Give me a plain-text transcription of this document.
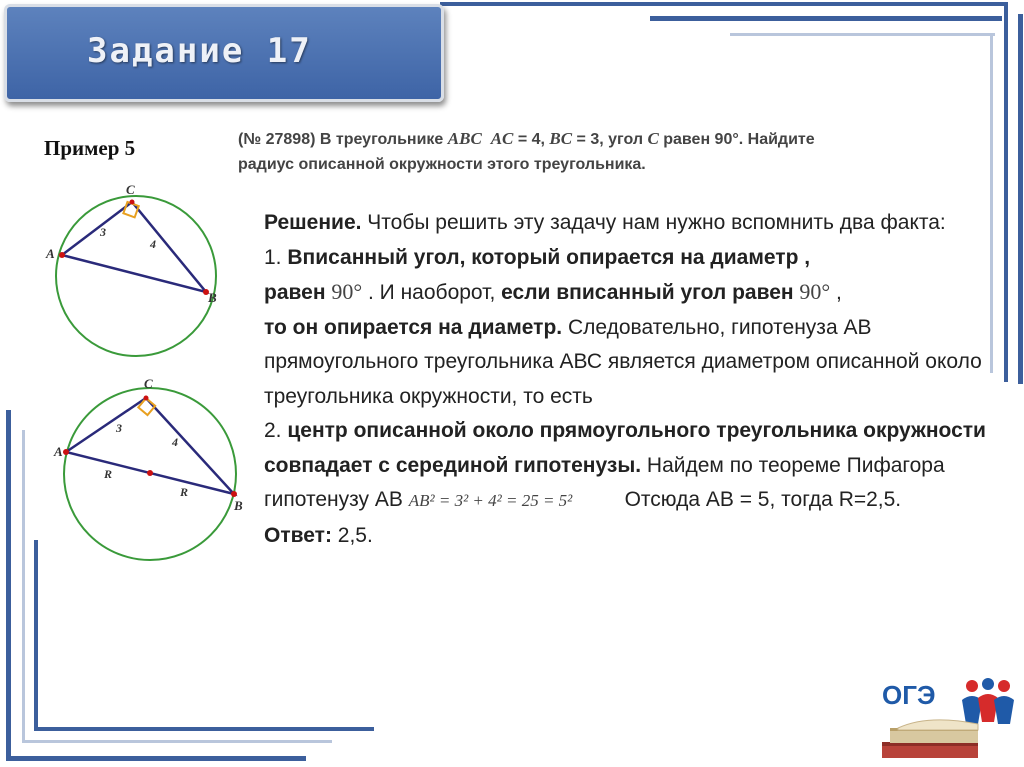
Задание 17
Пример 5	(№ 27898) В треугольнике ABC AC = 4, BC = 3, угол C равен 90°. Найдите
радиус описанной окружности этого треугольника.
A
C
B
3
4
A
C
B
3
4
R
R
Решение. Чтобы решить эту задачу нам нужно вспомнить два факта:
1. Вписанный угол, который опирается на диаметр ,
равен 90° . И наоборот, если вписанный угол равен 90° ,
то он опирается на диаметр. Следовательно, гипотенуза АВ прямоугольного треугольника АВС является диаметром описанной около треугольника окружности, то есть
2. центр описанной около прямоугольного треугольника окружности совпадает с серединой гипотенузы. Найдем по теореме Пифагора гипотенузу АВ AB² = 3² + 4² = 25 = 5² Отсюда АВ = 5, тогда R=2,5.
Ответ: 2,5.
ОГЭ
